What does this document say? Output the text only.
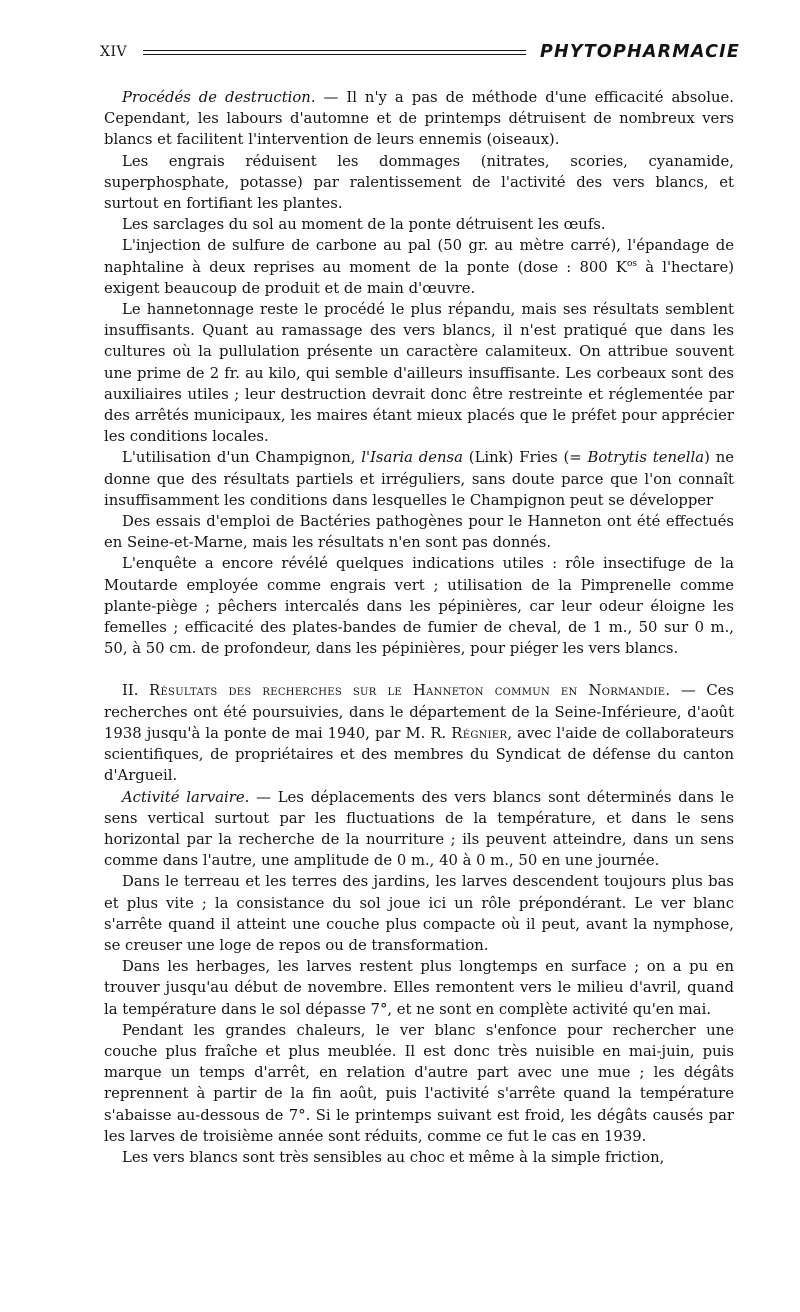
XIV	PHYTOPHARMACIE

Procédés de destruction. — Il n'y a pas de méthode d'une efficacité absolue. Cependant, les labours d'automne et de printemps détruisent de nombreux vers blancs et facilitent l'intervention de leurs ennemis (oiseaux).

Les engrais réduisent les dommages (nitrates, scories, cyanamide, superphosphate, potasse) par ralentissement de l'activité des vers blancs, et surtout en fortifiant les plantes.

Les sarclages du sol au moment de la ponte détruisent les œufs.

L'injection de sulfure de carbone au pal (50 gr. au mètre carré), l'épandage de naphtaline à deux reprises au moment de la ponte (dose : 800 $K^{os}$ à l'hectare) exigent beaucoup de produit et de main d'œuvre.

Le hannetonnage reste le procédé le plus répandu, mais ses résultats semblent insuffisants. Quant au ramassage des vers blancs, il n'est pratiqué que dans les cultures où la pullulation présente un caractère calamiteux. On attribue souvent une prime de 2 fr. au kilo, qui semble d'ailleurs insuffisante. Les corbeaux sont des auxiliaires utiles ; leur destruction devrait donc être restreinte et réglementée par des arrêtés municipaux, les maires étant mieux placés que le préfet pour apprécier les conditions locales.

L'utilisation d'un Champignon, l'Isaria densa (Link) Fries (= Botrytis tenella) ne donne que des résultats partiels et irréguliers, sans doute parce que l'on connaît insuffisamment les conditions dans lesquelles le Champignon peut se développer

Des essais d'emploi de Bactéries pathogènes pour le Hanneton ont été effectués en Seine-et-Marne, mais les résultats n'en sont pas donnés.

L'enquête a encore révélé quelques indications utiles : rôle insectifuge de la Moutarde employée comme engrais vert ; utilisation de la Pimprenelle comme plante-piège ; pêchers intercalés dans les pépinières, car leur odeur éloigne les femelles ; efficacité des plates-bandes de fumier de cheval, de 1 m., 50 sur 0 m., 50, à 50 cm. de profondeur, dans les pépinières, pour piéger les vers blancs.

II. Résultats des recherches sur le Hanneton commun en Normandie. — Ces recherches ont été poursuivies, dans le département de la Seine-Inférieure, d'août 1938 jusqu'à la ponte de mai 1940, par M. R. Régnier, avec l'aide de collaborateurs scientifiques, de propriétaires et des membres du Syndicat de défense du canton d'Argueil.

Activité larvaire. — Les déplacements des vers blancs sont déterminés dans le sens vertical surtout par les fluctuations de la température, et dans le sens horizontal par la recherche de la nourriture ; ils peuvent atteindre, dans un sens comme dans l'autre, une amplitude de 0 m., 40 à 0 m., 50 en une journée.

Dans le terreau et les terres des jardins, les larves descendent toujours plus bas et plus vite ; la consistance du sol joue ici un rôle prépondérant. Le ver blanc s'arrête quand il atteint une couche plus compacte où il peut, avant la nymphose, se creuser une loge de repos ou de transformation.

Dans les herbages, les larves restent plus longtemps en surface ; on a pu en trouver jusqu'au début de novembre. Elles remontent vers le milieu d'avril, quand la température dans le sol dépasse 7°, et ne sont en complète activité qu'en mai.

Pendant les grandes chaleurs, le ver blanc s'enfonce pour rechercher une couche plus fraîche et plus meublée. Il est donc très nuisible en mai-juin, puis marque un temps d'arrêt, en relation d'autre part avec une mue ; les dégâts reprennent à partir de la fin août, puis l'activité s'arrête quand la température s'abaisse au-dessous de 7°. Si le printemps suivant est froid, les dégâts causés par les larves de troisième année sont réduits, comme ce fut le cas en 1939.

Les vers blancs sont très sensibles au choc et même à la simple friction,
